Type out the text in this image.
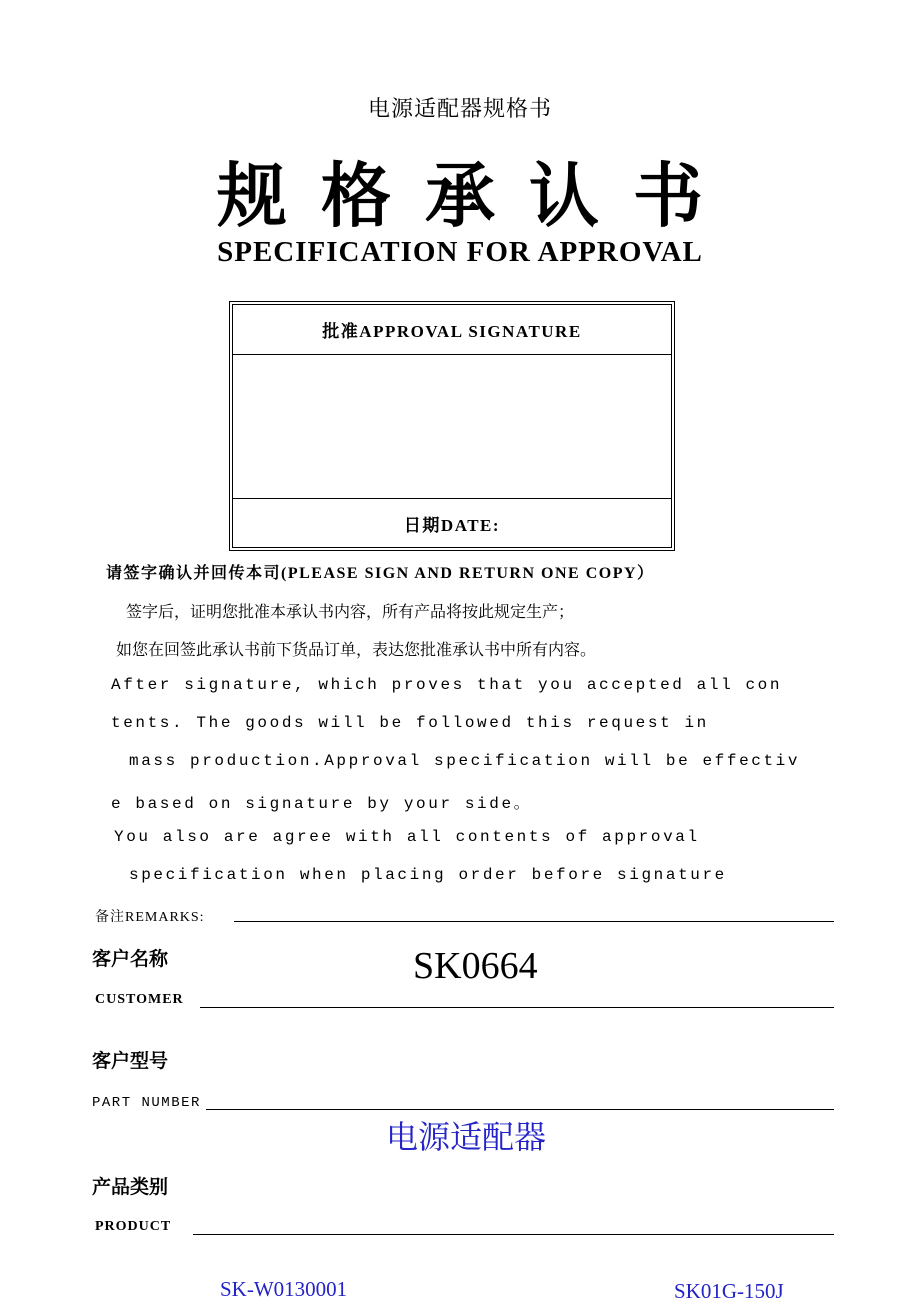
电源适配器规格书
规格承认书
SPECIFICATION FOR APPROVAL
批准APPROVAL SIGNATURE
日期DATE:
请签字确认并回传本司(PLEASE SIGN AND RETURN ONE COPY）
签字后，证明您批准本承认书内容，所有产品将按此规定生产；
如您在回签此承认书前下货品订单，表达您批准承认书中所有内容。
After signature, which proves that you accepted all con
tents. The goods will be followed this request in
mass production.Approval specification will be effectiv
e based on signature by your side。
You also are agree with all contents of approval
specification when placing order before signature
备注REMARKS:
客户名称	SK0664
CUSTOMER
客户型号
PART NUMBER
电源适配器
产品类别
PRODUCT
SK-W0130001	SK01G-150J
